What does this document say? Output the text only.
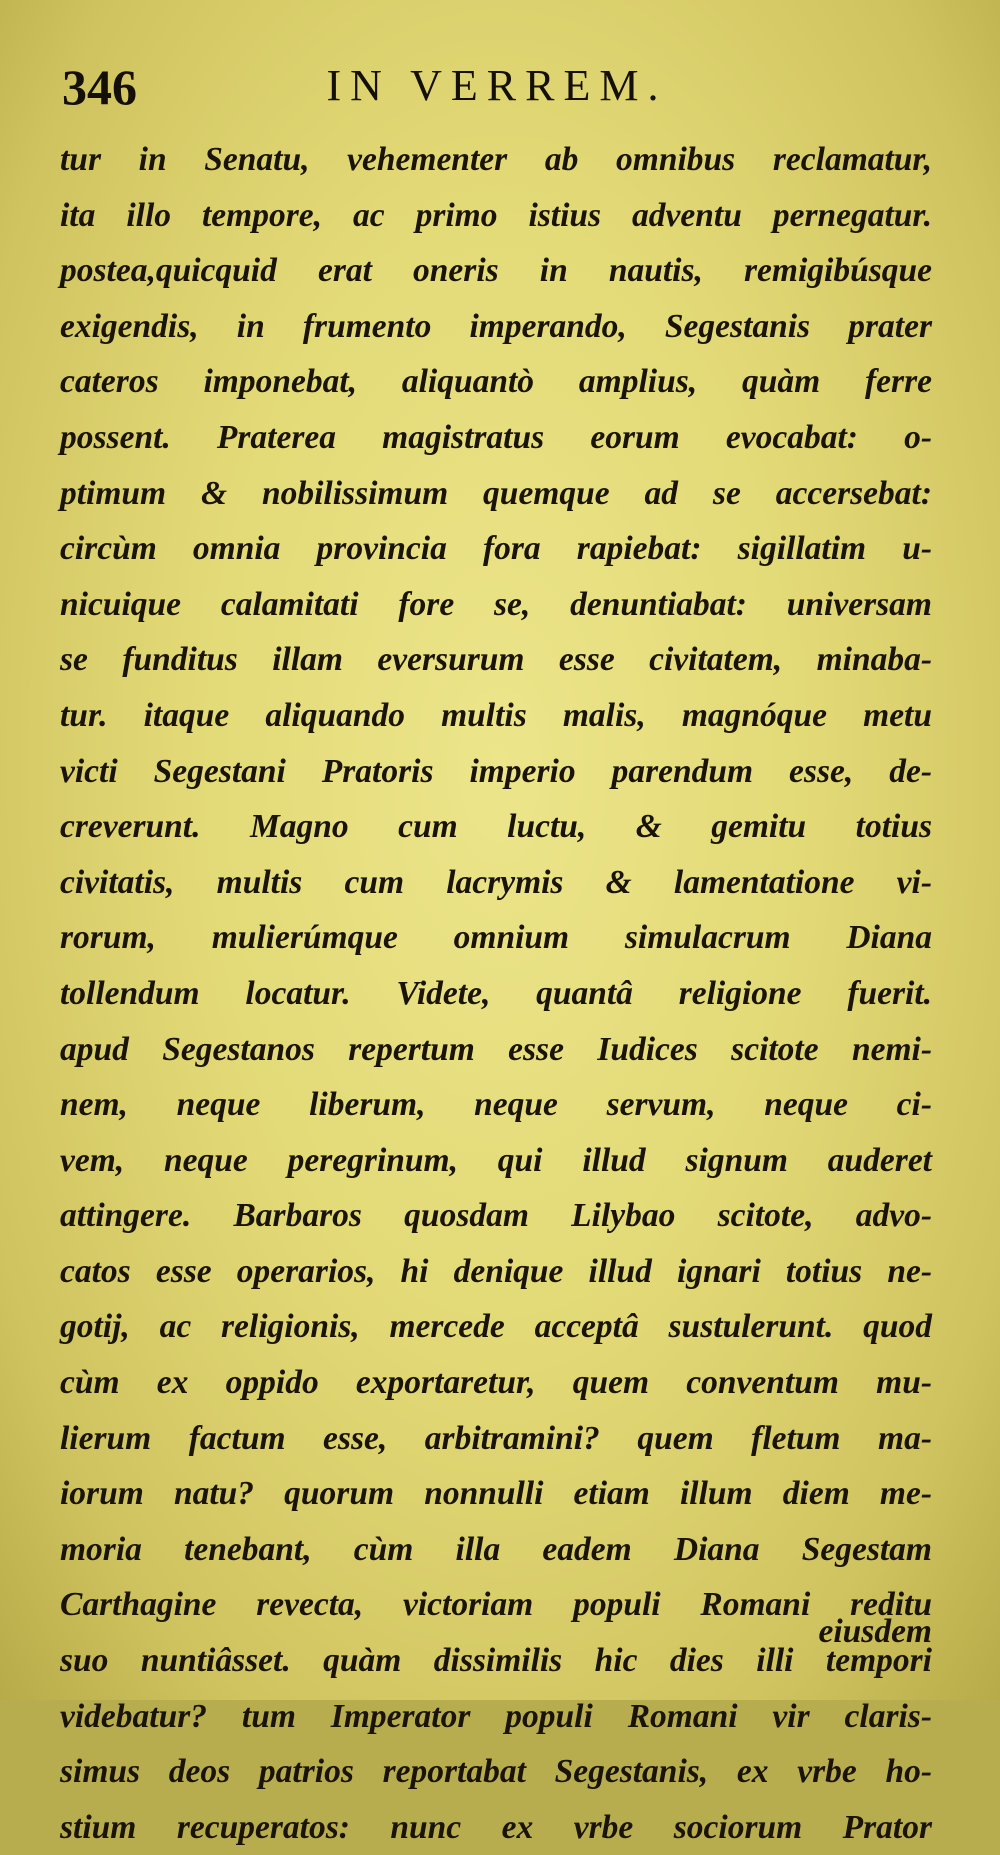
346	IN VERREM.
tur in Senatu, vehementer ab omnibus reclamatur,
ita illo tempore, ac primo istius adventu pernegatur.
postea,quicquid erat oneris in nautis, remigibúsque
exigendis, in frumento imperando, Segestanis prater
cateros imponebat, aliquantò amplius, quàm ferre
possent. Praterea magistratus eorum evocabat: o-
ptimum & nobilissimum quemque ad se accersebat:
circùm omnia provincia fora rapiebat: sigillatim u-
nicuique calamitati fore se, denuntiabat: universam
se funditus illam eversurum esse civitatem, minaba-
tur. itaque aliquando multis malis, magnóque metu
victi Segestani Pratoris imperio parendum esse, de-
creverunt. Magno cum luctu, & gemitu totius
civitatis, multis cum lacrymis & lamentatione vi-
rorum, mulierúmque omnium simulacrum Diana
tollendum locatur. Videte, quantâ religione fuerit.
apud Segestanos repertum esse Iudices scitote nemi-
nem, neque liberum, neque servum, neque ci-
vem, neque peregrinum, qui illud signum auderet
attingere. Barbaros quosdam Lilybao scitote, advo-
catos esse operarios, hi denique illud ignari totius ne-
gotij, ac religionis, mercede acceptâ sustulerunt. quod
cùm ex oppido exportaretur, quem conventum mu-
lierum factum esse, arbitramini? quem fletum ma-
iorum natu? quorum nonnulli etiam illum diem me-
moria tenebant, cùm illa eadem Diana Segestam
Carthagine revecta, victoriam populi Romani reditu
suo nuntiâsset. quàm dissimilis hic dies illi tempori
videbatur? tum Imperator populi Romani vir claris-
simus deos patrios reportabat Segestanis, ex vrbe ho-
stium recuperatos: nunc ex vrbe sociorum Prator
eiusdem
